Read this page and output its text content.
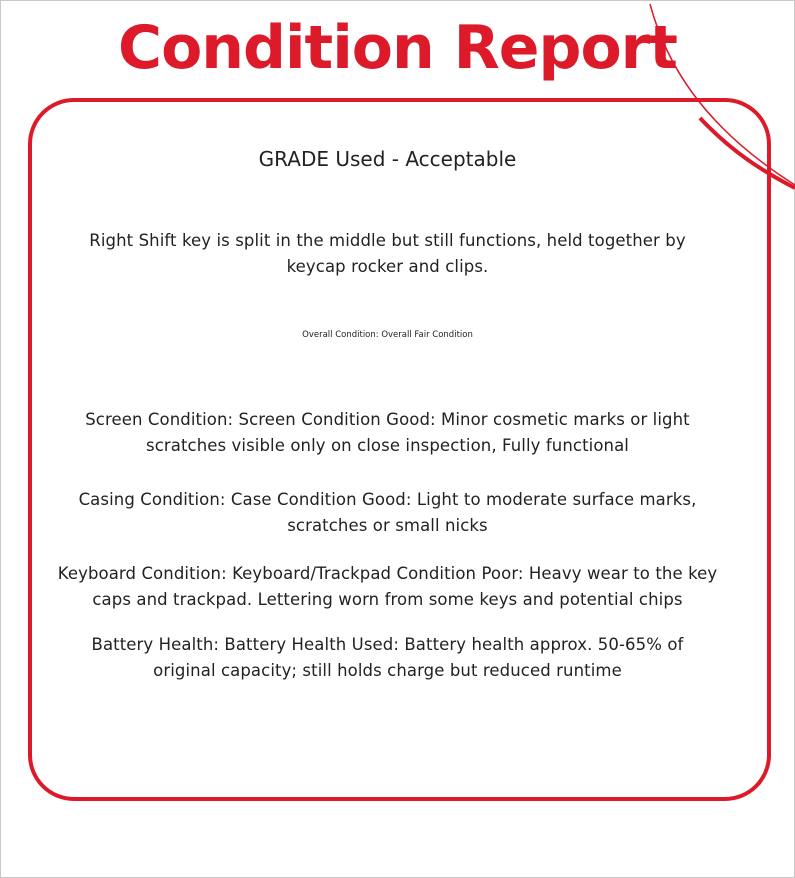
Condition Report
GRADE Used - Acceptable
Right Shift key is split in the middle but still functions, held together by keycap rocker and clips.
Overall Condition: Overall Fair Condition
Screen Condition: Screen Condition Good: Minor cosmetic marks or light scratches visible only on close inspection, Fully functional
Casing Condition: Case Condition Good: Light to moderate surface marks, scratches or small nicks
Keyboard Condition: Keyboard/Trackpad Condition Poor: Heavy wear to the key caps and trackpad. Lettering worn from some keys and potential chips
Battery Health: Battery Health Used: Battery health approx. 50-65% of original capacity; still holds charge but reduced runtime
